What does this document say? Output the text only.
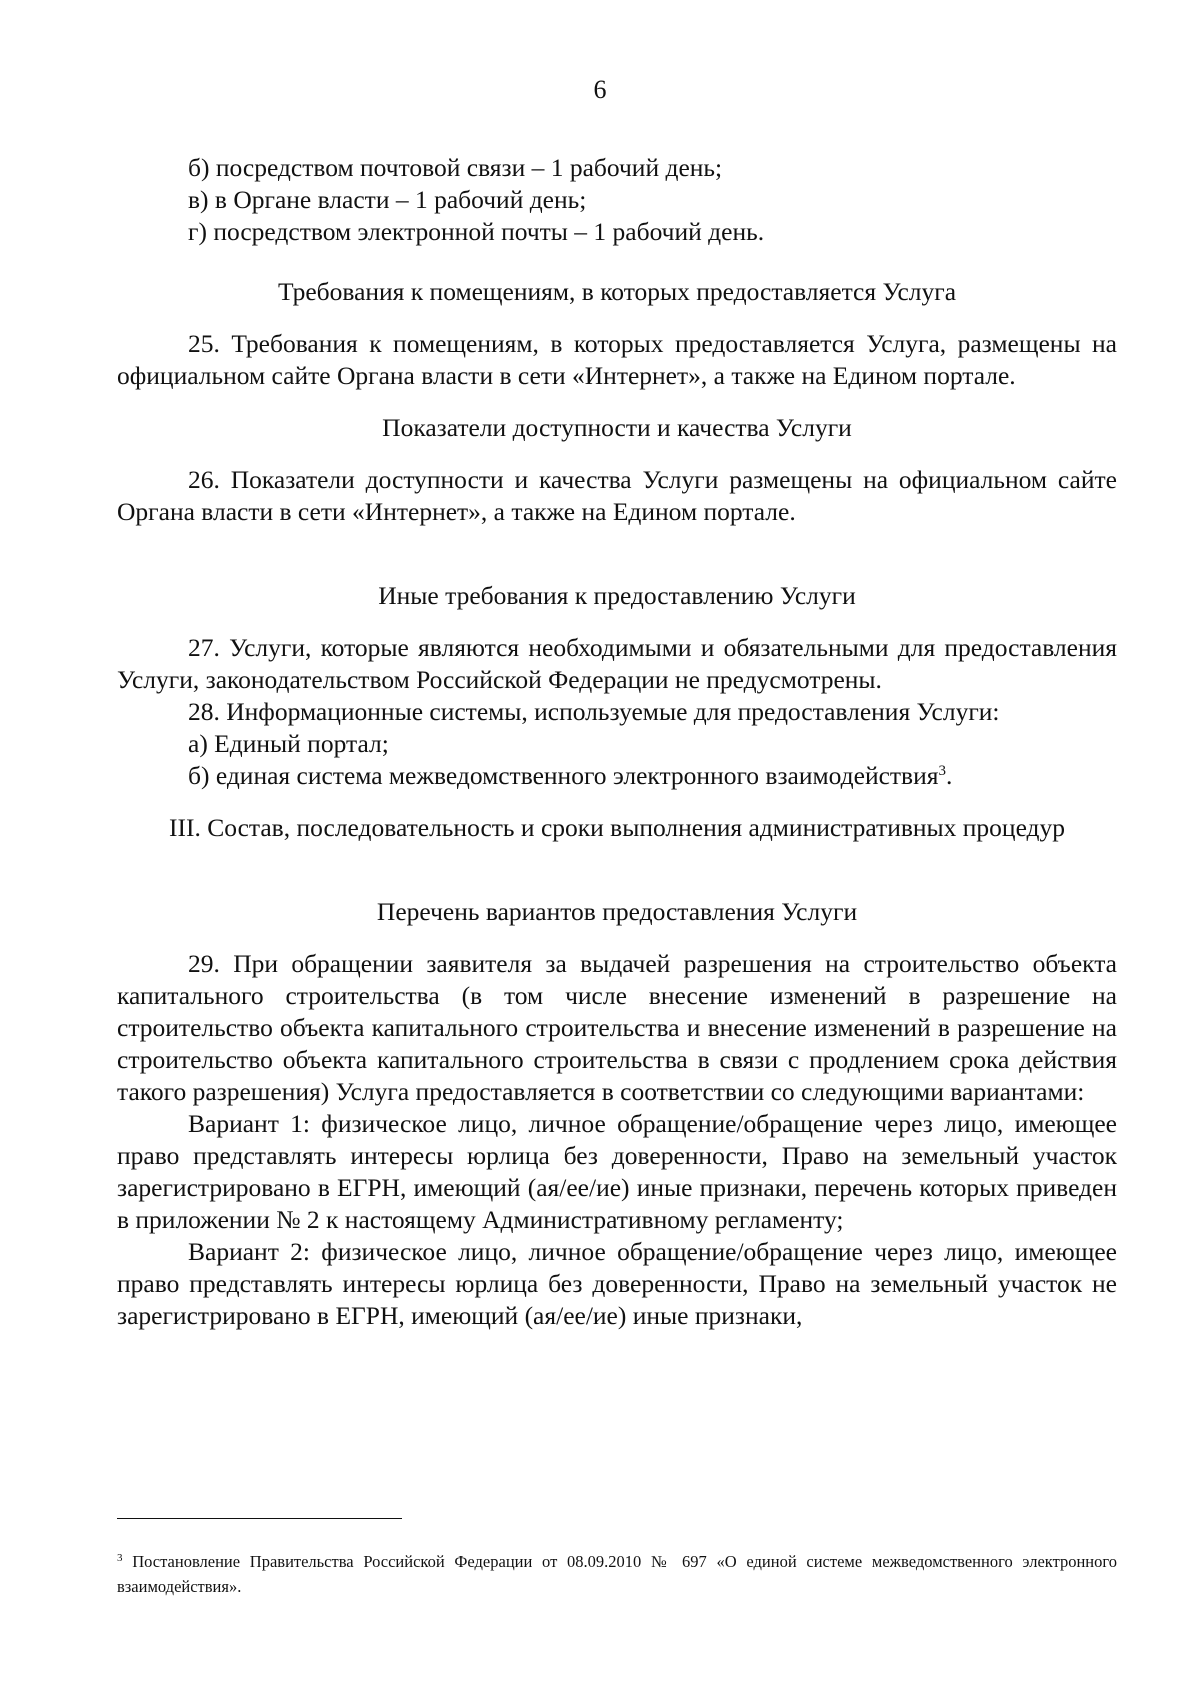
6

б) посредством почтовой связи – 1 рабочий день;

в) в Органе власти – 1 рабочий день;

г) посредством электронной почты – 1 рабочий день.

Требования к помещениям, в которых предоставляется Услуга

25. Требования к помещениям, в которых предоставляется Услуга, размещены на официальном сайте Органа власти в сети «Интернет», а также на Едином портале.

Показатели доступности и качества Услуги

26. Показатели доступности и качества Услуги размещены на официальном сайте Органа власти в сети «Интернет», а также на Едином портале.

Иные требования к предоставлению Услуги

27. Услуги, которые являются необходимыми и обязательными для предоставления Услуги, законодательством Российской Федерации не предусмотрены.

28. Информационные системы, используемые для предоставления Услуги:

а) Единый портал;

б) единая система межведомственного электронного взаимодействия$^3$.

III. Состав, последовательность и сроки выполнения административных процедур

Перечень вариантов предоставления Услуги

29. При обращении заявителя за выдачей разрешения на строительство объекта капитального строительства (в том числе внесение изменений в разрешение на строительство объекта капитального строительства и внесение изменений в разрешение на строительство объекта капитального строительства в связи с продлением срока действия такого разрешения) Услуга предоставляется в соответствии со следующими вариантами:

Вариант 1: физическое лицо, личное обращение/обращение через лицо, имеющее право представлять интересы юрлица без доверенности, Право на земельный участок зарегистрировано в ЕГРН, имеющий (ая/ее/ие) иные признаки, перечень которых приведен в приложении № 2 к настоящему Административному регламенту;

Вариант 2: физическое лицо, личное обращение/обращение через лицо, имеющее право представлять интересы юрлица без доверенности, Право на земельный участок не зарегистрировано в ЕГРН, имеющий (ая/ее/ие) иные признаки,

$^3$ Постановление Правительства Российской Федерации от 08.09.2010 № 697 «О единой системе межведомственного электронного взаимодействия».
